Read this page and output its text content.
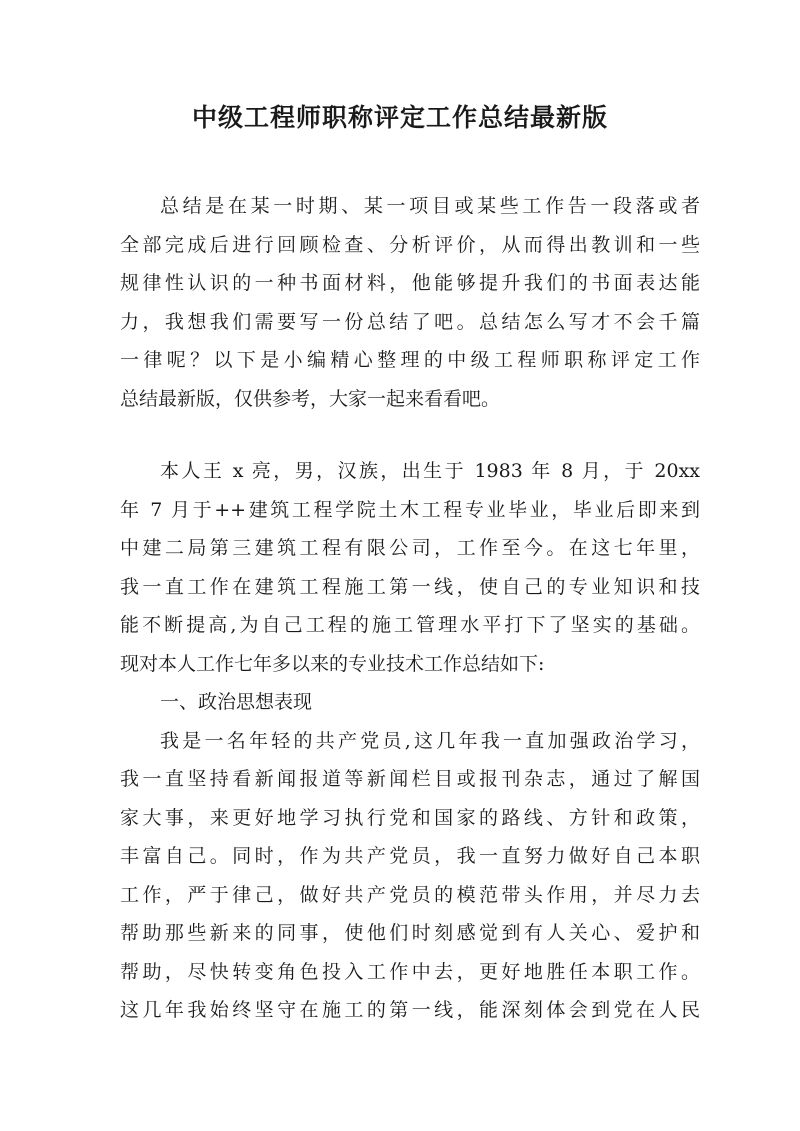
中级工程师职称评定工作总结最新版
总结是在某一时期、某一项目或某些工作告一段落或者
全部完成后进行回顾检查、分析评价，从而得出教训和一些
规律性认识的一种书面材料，他能够提升我们的书面表达能
力，我想我们需要写一份总结了吧。总结怎么写才不会千篇
一律呢？以下是小编精心整理的中级工程师职称评定工作
总结最新版，仅供参考，大家一起来看看吧。
本人王 x 亮，男，汉族，出生于 1983 年 8 月，于 20xx
年 7 月于++建筑工程学院土木工程专业毕业，毕业后即来到
中建二局第三建筑工程有限公司，工作至今。在这七年里，
我一直工作在建筑工程施工第一线，使自己的专业知识和技
能不断提高,为自己工程的施工管理水平打下了坚实的基础。
现对本人工作七年多以来的专业技术工作总结如下:
一、政治思想表现
我是一名年轻的共产党员,这几年我一直加强政治学习，
我一直坚持看新闻报道等新闻栏目或报刊杂志，通过了解国
家大事，来更好地学习执行党和国家的路线、方针和政策，
丰富自己。同时，作为共产党员，我一直努力做好自己本职
工作，严于律己，做好共产党员的模范带头作用，并尽力去
帮助那些新来的同事，使他们时刻感觉到有人关心、爱护和
帮助，尽快转变角色投入工作中去，更好地胜任本职工作。
这几年我始终坚守在施工的第一线，能深刻体会到党在人民
